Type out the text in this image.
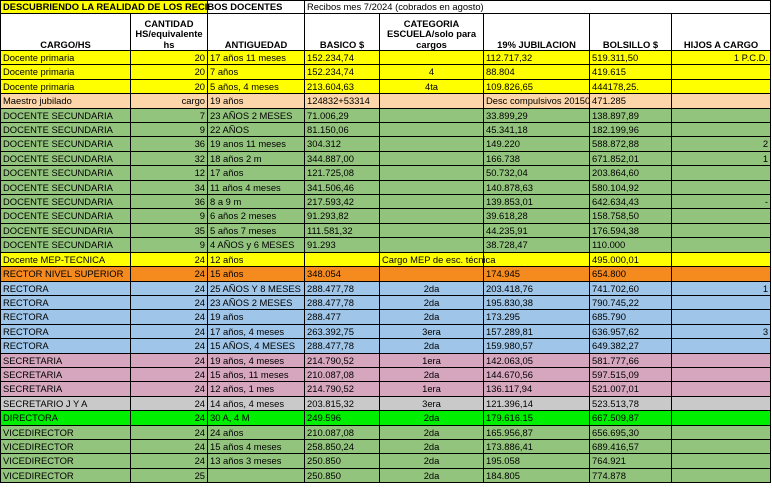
DESCUBRIENDO LA REALIDAD DE LOS RECIBOS DOCENTES			Recibos mes 7/2024 (cobrados en agosto)				
CARGO/HS	CANTIDAD HS/equivalente hs	ANTIGUEDAD	BASICO $	CATEGORIA ESCUELA/solo para cargos	19% JUBILACION	BOLSILLO $	HIJOS A CARGO
Docente primaria	20	17 años 11 meses	152.234,74		112.717,32	519.311,50	1 P.C.D.
Docente primaria	20	7 años	152.234,74	4	88.804	419.615	
Docente primaria	20	5 años, 4 meses	213.604,63	4ta	109.826,65	444178,25.	
Maestro jubilado	cargo	19 años	124832+53314		Desc compulsivos 20150	471.285	
DOCENTE SECUNDARIA	7	23 AÑOS 2 MESES	71.006,29		33.899,29	138.897,89	
DOCENTE SECUNDARIA	9	22 AÑOS	81.150,06		45.341,18	182.199,96	
DOCENTE SECUNDARIA	36	19 anos 11 meses	304.312		149.220	588.872,88	2
DOCENTE SECUNDARIA	32	18 años 2 m	344.887,00		166.738	671.852,01	1
DOCENTE SECUNDARIA	12	17 años	121.725,08		50.732,04	203.864,60	
DOCENTE SECUNDARIA	34	11 años 4 meses	341.506,46		140.878,63	580.104,92	
DOCENTE SECUNDARIA	36	8 a 9 m	217.593,42		139.853,01	642.634,43	-
DOCENTE SECUNDARIA	9	6 años 2 meses	91.293,82		39.618,28	158.758,50	
DOCENTE SECUNDARIA	35	5 años 7 meses	111.581,32		44.235,91	176.594,38	
DOCENTE SECUNDARIA	9	4 AÑOS y 6 MESES	91.293		38.728,47	110.000	
Docente MEP-TECNICA	24	12 años		Cargo MEP de esc. técnica		495.000,01	
RECTOR NIVEL SUPERIOR	24	15 años	348.054		174.945	654.800	
RECTORA	24	25 AÑOS Y 8 MESES	288.477,78	2da	203.418,76	741.702,60	1
RECTORA	24	23 AÑOS 2 MESES	288.477,78	2da	195.830,38	790.745,22	
RECTORA	24	19 años	288.477	2da	173.295	685.790	
RECTORA	24	17 años, 4 meses	263.392,75	3era	157.289,81	636.957,62	3
RECTORA	24	15 AÑOS, 4 MESES	288.477,78	2da	159.980,57	649.382,27	
SECRETARIA	24	19 años, 4 meses	214.790,52	1era	142.063,05	581.777,66	
SECRETARIA	24	15 años, 11 meses	210.087,08	2da	144.670,56	597.515,09	
SECRETARIA	24	12 años, 1 mes	214.790,52	1era	136.117,94	521.007,01	
SECRETARIO J Y A	24	14 años, 4 meses	203.815,32	3era	121.396,14	523.513,78	
DIRECTORA	24	30 A, 4 M	249.596	2da	179.616.15	667.509,87	
VICEDIRECTOR	24	24 años	210.087,08	2da	165.956,87	656.695,30	
VICEDIRECTOR	24	15 años 4 meses	258.850,24	2da	173.886,41	689.416,57	
VICEDIRECTOR	24	13 años 3 meses	250.850	2da	195.058	764.921	
VICEDIRECTOR	25		250.850	2da	184.805	774.878	
